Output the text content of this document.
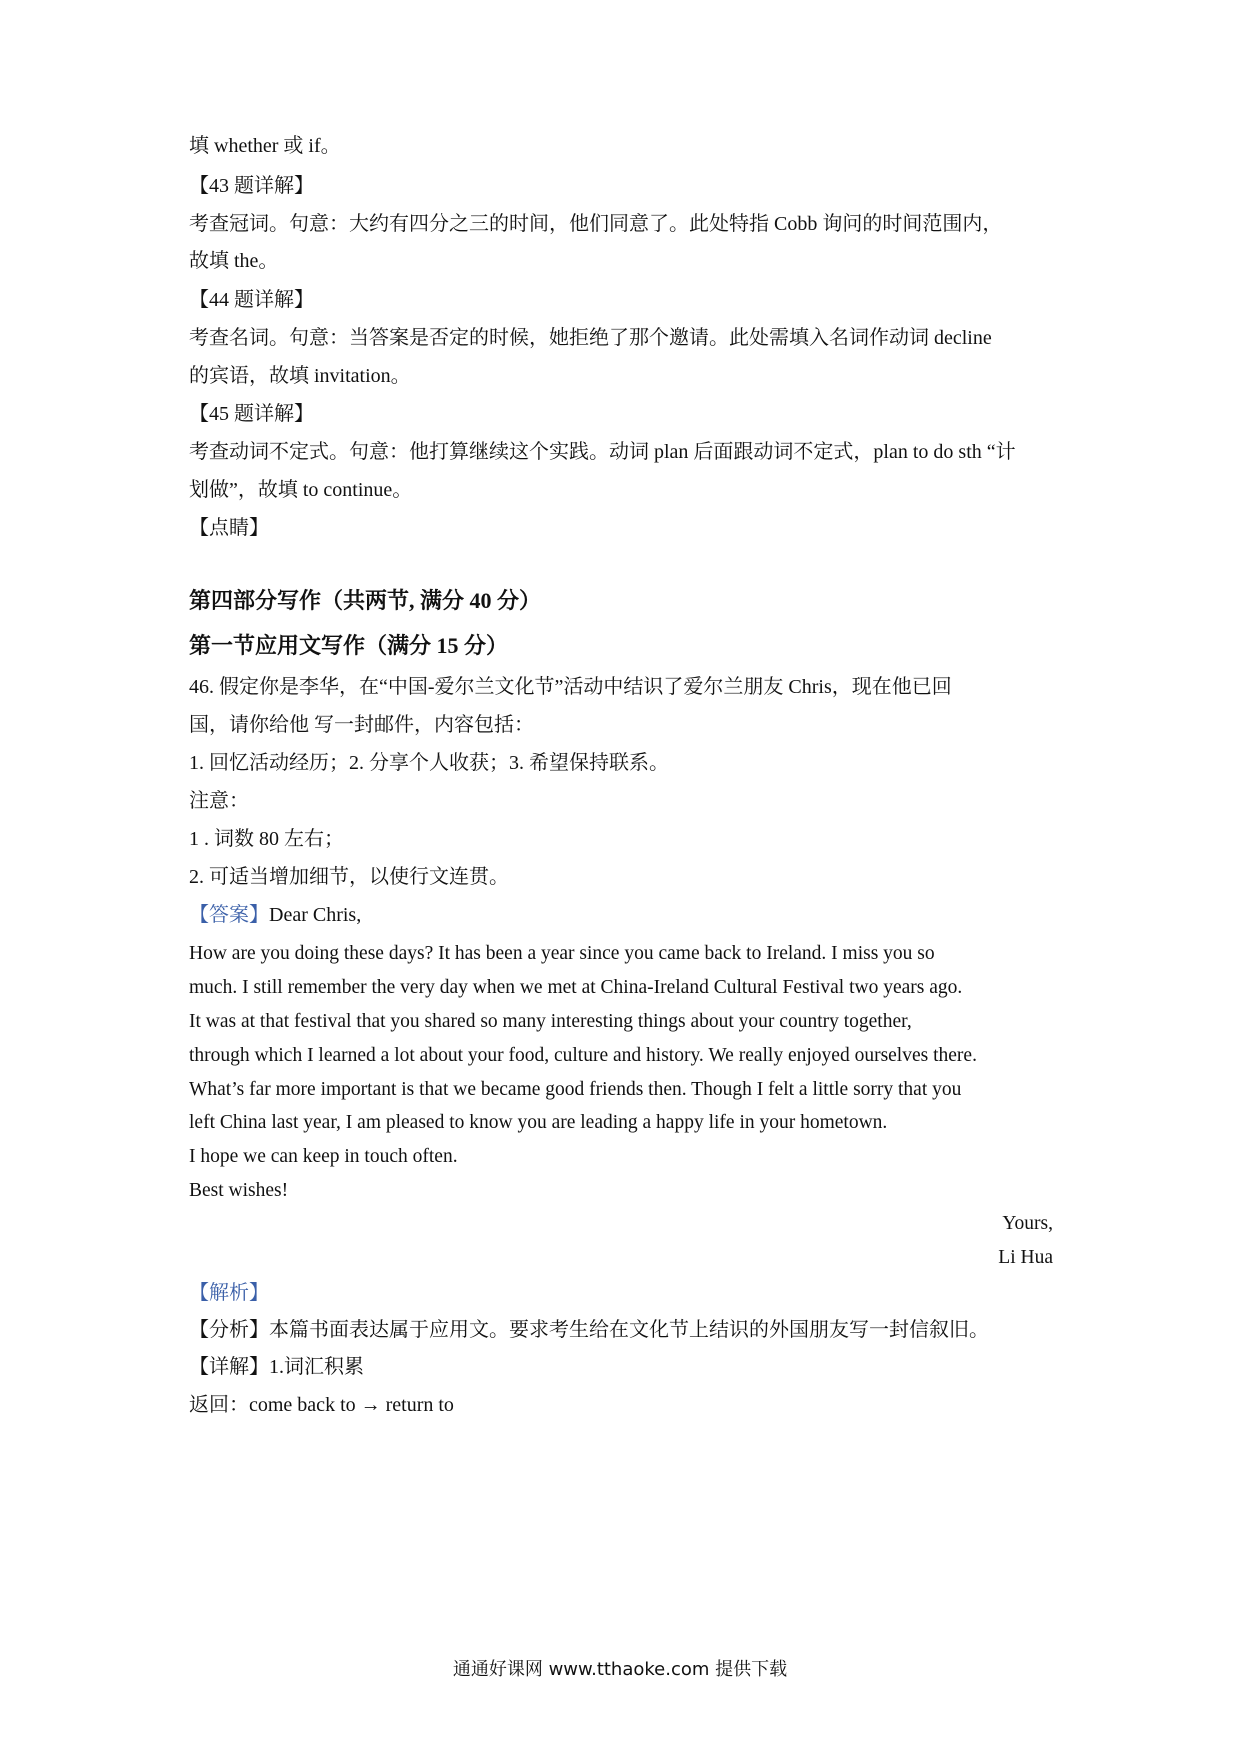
填 whether 或 if。
【43 题详解】
考查冠词。句意：大约有四分之三的时间，他们同意了。此处特指 Cobb 询问的时间范围内，
故填 the。
【44 题详解】
考查名词。句意：当答案是否定的时候，她拒绝了那个邀请。此处需填入名词作动词 decline
的宾语，故填 invitation。
【45 题详解】
考查动词不定式。句意：他打算继续这个实践。动词 plan 后面跟动词不定式，plan to do sth “计
划做”，故填 to continue。
【点睛】
第四部分写作（共两节, 满分 40 分）
第一节应用文写作（满分 15 分）
46. 假定你是李华，在“中国-爱尔兰文化节”活动中结识了爱尔兰朋友 Chris，现在他已回
国，请你给他 写一封邮件，内容包括：
1. 回忆活动经历；2. 分享个人收获；3. 希望保持联系。
注意：
1 . 词数 80 左右；
2. 可适当增加细节，以使行文连贯。
【答案】Dear Chris,
How are you doing these days? It has been a year since you came back to Ireland. I miss you so
much. I still remember the very day when we met at China-Ireland Cultural Festival two years ago.
It was at that festival that you shared so many interesting things about your country together,
through which I learned a lot about your food, culture and history. We really enjoyed ourselves there.
What’s far more important is that we became good friends then. Though I felt a little sorry that you
left China last year, I am pleased to know you are leading a happy life in your hometown.
I hope we can keep in touch often.
Best wishes!
Yours,
Li Hua
【解析】
【分析】本篇书面表达属于应用文。要求考生给在文化节上结识的外国朋友写一封信叙旧。
【详解】1.词汇积累
返回：come back to → return to
通通好课网 www.tthaoke.com 提供下载
